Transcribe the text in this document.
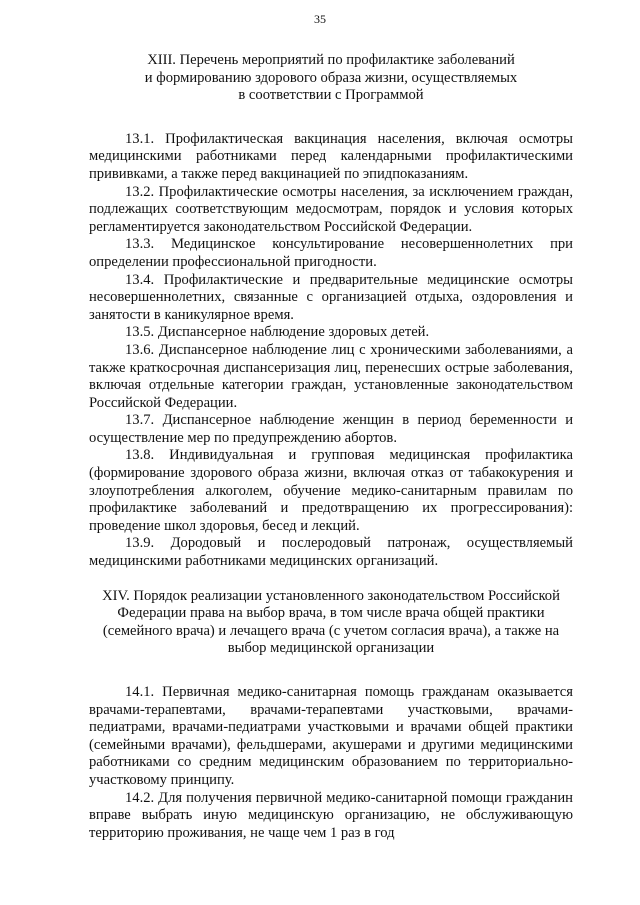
35
XIII. Перечень мероприятий по профилактике заболеваний
и формированию здорового образа жизни, осуществляемых
в соответствии с Программой

13.1. Профилактическая вакцинация населения, включая осмотры медицинскими работниками перед календарными профилактическими прививками, а также перед вакцинацией по эпидпоказаниям.

13.2. Профилактические осмотры населения, за исключением граждан, подлежащих соответствующим медосмотрам, порядок и условия которых регламентируется законодательством Российской Федерации.

13.3. Медицинское консультирование несовершеннолетних при определении профессиональной пригодности.

13.4. Профилактические и предварительные медицинские осмотры несовершеннолетних, связанные с организацией отдыха, оздоровления и занятости в каникулярное время.

13.5. Диспансерное наблюдение здоровых детей.

13.6. Диспансерное наблюдение лиц с хроническими заболеваниями, а также краткосрочная диспансеризация лиц, перенесших острые заболевания, включая отдельные категории граждан, установленные законодательством Российской Федерации.

13.7. Диспансерное наблюдение женщин в период беременности и осуществление мер по предупреждению абортов.

13.8. Индивидуальная и групповая медицинская профилактика (формирование здорового образа жизни, включая отказ от табакокурения и злоупотребления алкоголем, обучение медико-санитарным правилам по профилактике заболеваний и предотвращению их прогрессирования): проведение школ здоровья, бесед и лекций.

13.9. Дородовый и послеродовый патронаж, осуществляемый медицинскими работниками медицинских организаций.

XIV. Порядок реализации установленного законодательством Российской
Федерации права на выбор врача, в том числе врача общей практики
(семейного врача) и лечащего врача (с учетом согласия врача), а также на
выбор медицинской организации

14.1. Первичная медико-санитарная помощь гражданам оказывается врачами-терапевтами, врачами-терапевтами участковыми, врачами-педиатрами, врачами-педиатрами участковыми и врачами общей практики (семейными врачами), фельдшерами, акушерами и другими медицинскими работниками со средним медицинским образованием по территориально-участковому принципу.

14.2. Для получения первичной медико-санитарной помощи гражданин вправе выбрать иную медицинскую организацию, не обслуживающую территорию проживания, не чаще чем 1 раз в год
